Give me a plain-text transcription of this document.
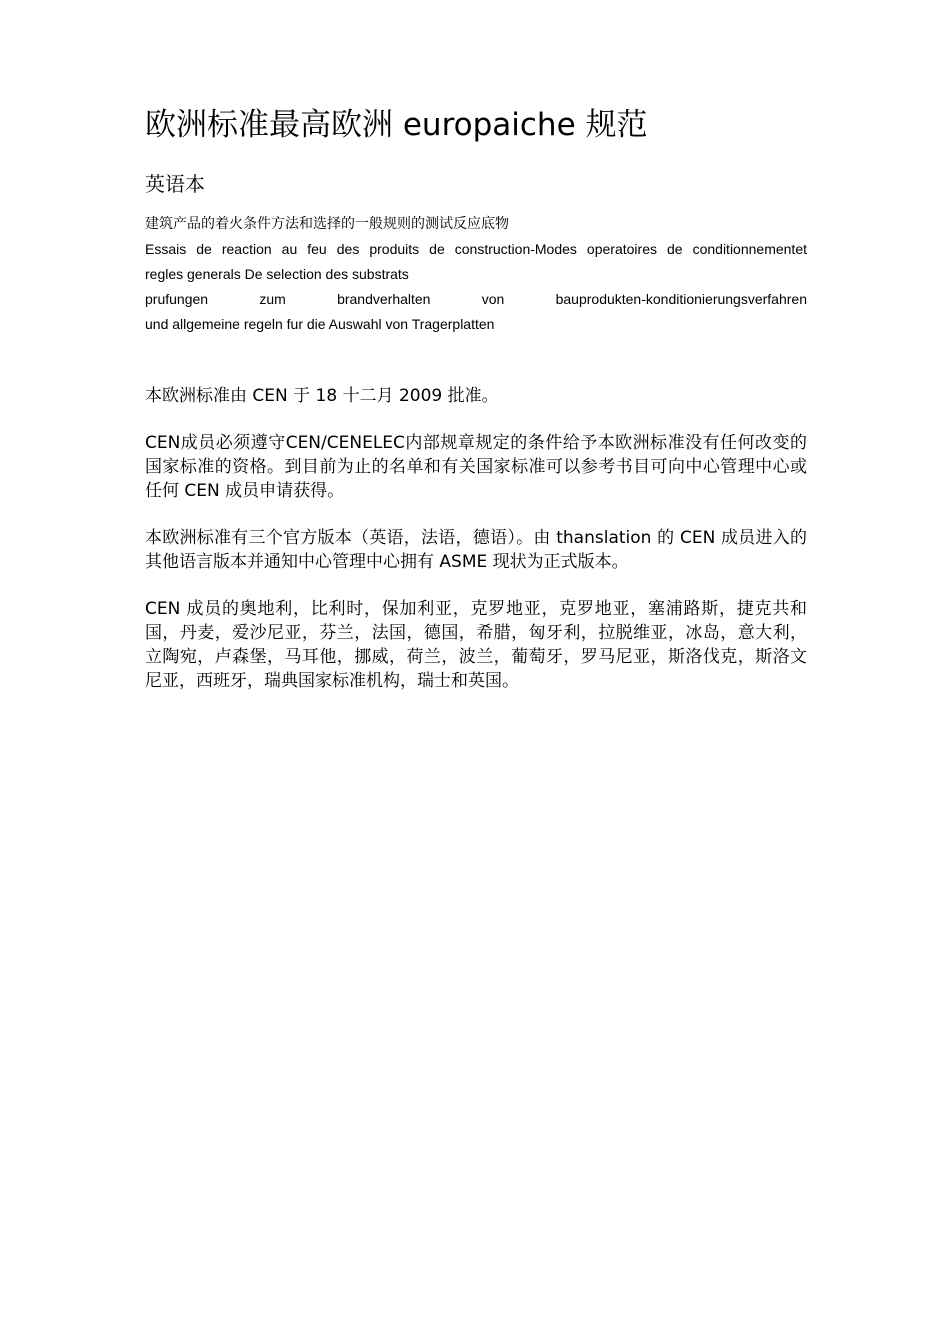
欧洲标准最高欧洲 europaiche 规范
英语本
建筑产品的着火条件方法和选择的一般规则的测试反应底物
Essais de reaction au feu des produits de construction-Modes operatoires de conditionnementet
regles generals De selection des substrats
prufungen zum brandverhalten von bauprodukten-konditionierungsverfahren
und allgemeine regeln fur die Auswahl von Tragerplatten

本欧洲标准由 CEN 于 18 十二月 2009 批准。

CEN成员必须遵守CEN/CENELEC内部规章规定的条件给予本欧洲标准没有任何改变的国家标准的资格。到目前为止的名单和有关国家标准可以参考书目可向中心管理中心或任何 CEN 成员申请获得。

本欧洲标准有三个官方版本（英语，法语，德语）。由 thanslation 的 CEN 成员进入的其他语言版本并通知中心管理中心拥有 ASME 现状为正式版本。

CEN 成员的奥地利，比利时，保加利亚，克罗地亚，克罗地亚，塞浦路斯，捷克共和国，丹麦，爱沙尼亚，芬兰，法国，德国，希腊，匈牙利，拉脱维亚，冰岛，意大利，立陶宛，卢森堡，马耳他，挪威，荷兰，波兰，葡萄牙，罗马尼亚，斯洛伐克，斯洛文尼亚，西班牙，瑞典国家标准机构，瑞士和英国。
